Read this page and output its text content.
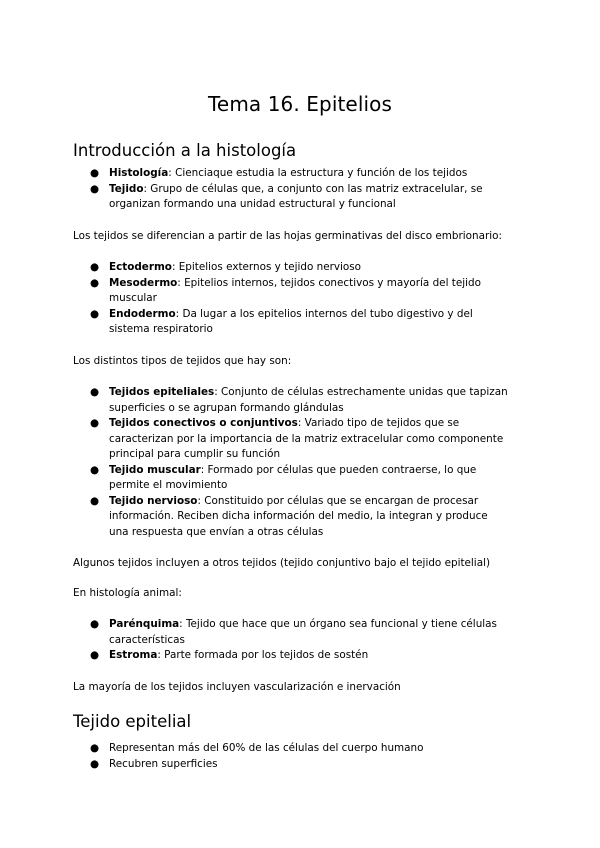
Tema 16. Epitelios
Introducción a la histología
● Histología: Cienciaque estudia la estructura y función de los tejidos
● Tejido: Grupo de células que, a conjunto con las matriz extracelular, se
organizan formando una unidad estructural y funcional

Los tejidos se diferencian a partir de las hojas germinativas del disco embrionario:

● Ectodermo: Epitelios externos y tejido nervioso
● Mesodermo: Epitelios internos, tejidos conectivos y mayoría del tejido
muscular
● Endodermo: Da lugar a los epitelios internos del tubo digestivo y del
sistema respiratorio

Los distintos tipos de tejidos que hay son:

● Tejidos epiteliales: Conjunto de células estrechamente unidas que tapizan
superficies o se agrupan formando glándulas
● Tejidos conectivos o conjuntivos: Variado tipo de tejidos que se
caracterizan por la importancia de la matriz extracelular como componente
principal para cumplir su función
● Tejido muscular: Formado por células que pueden contraerse, lo que
permite el movimiento
● Tejido nervioso: Constituido por células que se encargan de procesar
información. Reciben dicha información del medio, la integran y produce
una respuesta que envían a otras células

Algunos tejidos incluyen a otros tejidos (tejido conjuntivo bajo el tejido epitelial)

En histología animal:

● Parénquima: Tejido que hace que un órgano sea funcional y tiene células
características
● Estroma: Parte formada por los tejidos de sostén

La mayoría de los tejidos incluyen vascularización e inervación

Tejido epitelial
● Representan más del 60% de las células del cuerpo humano
● Recubren superficies
